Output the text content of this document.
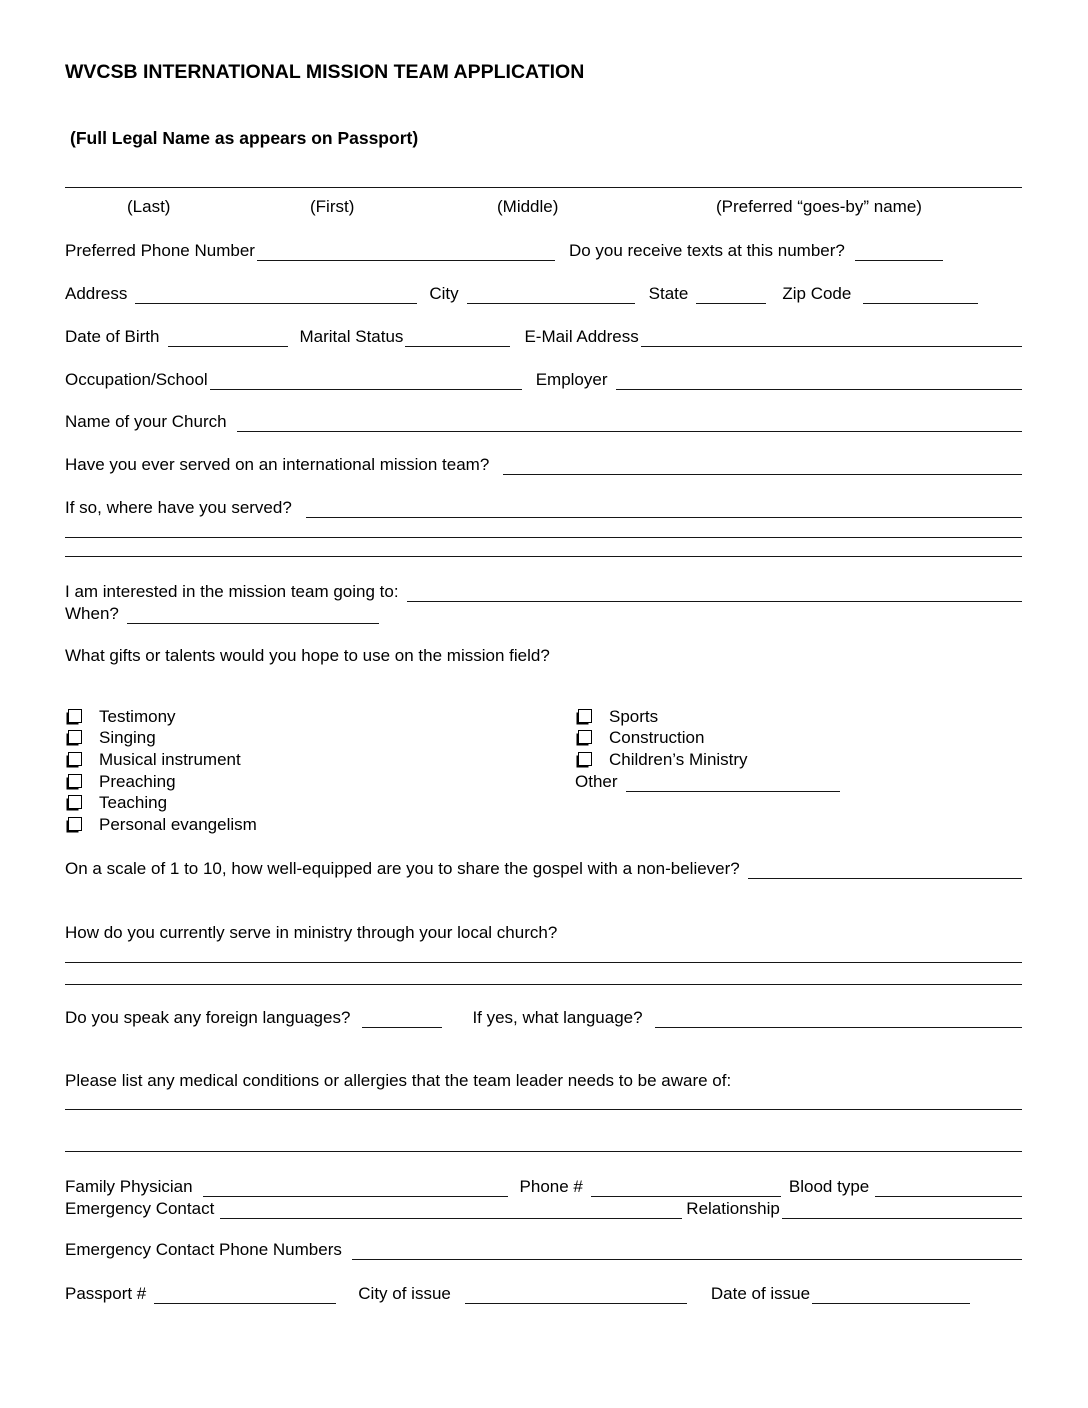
WVCSB INTERNATIONAL MISSION TEAM APPLICATION
(Full Legal Name as appears on Passport)
(Last)	(First)	(Middle)	(Preferred “goes-by” name)
Preferred Phone Number	Do you receive texts at this number?
Address	City	State	Zip Code
Date of Birth	Marital Status	E-Mail Address
Occupation/School	Employer
Name of your Church
Have you ever served on an international mission team?
If so, where have you served?
I am interested in the mission team going to:
When?
What gifts or talents would you hope to use on the mission field?
Testimony
Singing
Musical instrument
Preaching
Teaching
Personal evangelism
Sports
Construction
Children’s Ministry
Other
On a scale of 1 to 10, how well-equipped are you to share the gospel with a non-believer?
How do you currently serve in ministry through your local church?
Do you speak any foreign languages?	If yes, what language?
Please list any medical conditions or allergies that the team leader needs to be aware of:
Family Physician	Phone #	Blood type
Emergency Contact	Relationship
Emergency Contact Phone Numbers
Passport #	City of issue	Date of issue
